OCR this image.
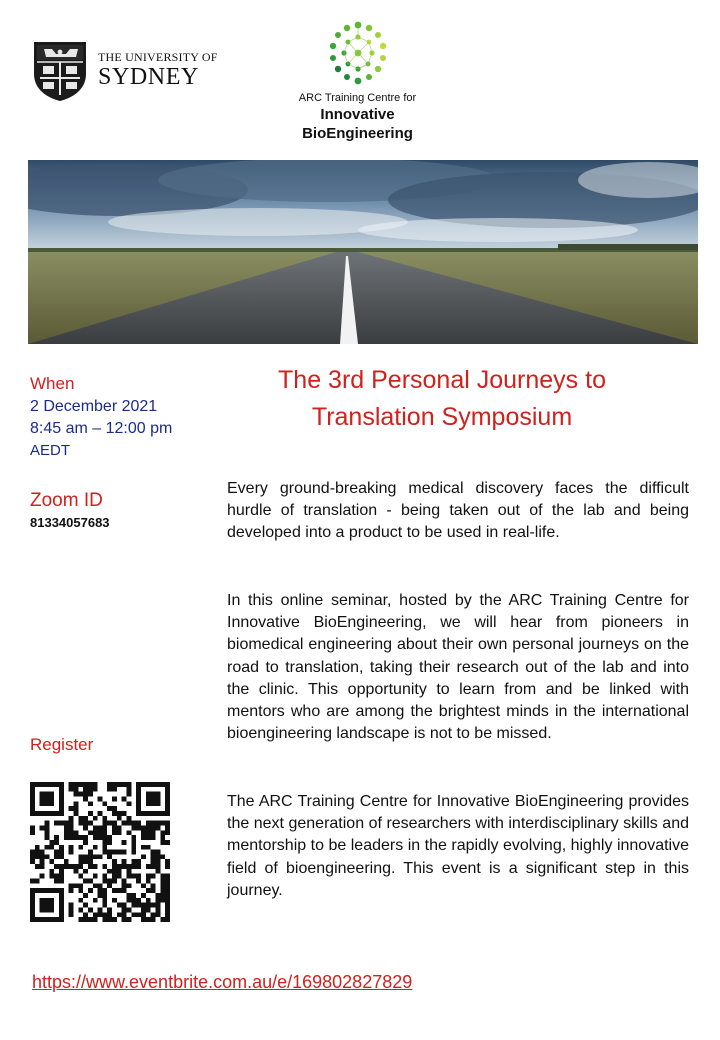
THE UNIVERSITY OF
SYDNEY
ARC Training Centre for
Innovative
BioEngineering
When
2 December 2021
8:45 am – 12:00 pm
AEDT
Zoom ID
81334057683
Register
The 3rd Personal Journeys to
Translation Symposium

Every ground-breaking medical discovery faces the difficult hurdle of translation - being taken out of the lab and being developed into a product to be used in real-life.

In this online seminar, hosted by the ARC Training Centre for Innovative BioEngineering, we will hear from pioneers in biomedical engineering about their own personal journeys on the road to translation, taking their research out of the lab and into the clinic. This opportunity to learn from and be linked with mentors who are among the brightest minds in the international bioengineering landscape is not to be missed.

The ARC Training Centre for Innovative BioEngineering provides the next generation of researchers with interdisciplinary skills and mentorship to be leaders in the rapidly evolving, highly innovative field of bioengineering. This event is a significant step in this journey.

https://www.eventbrite.com.au/e/169802827829
